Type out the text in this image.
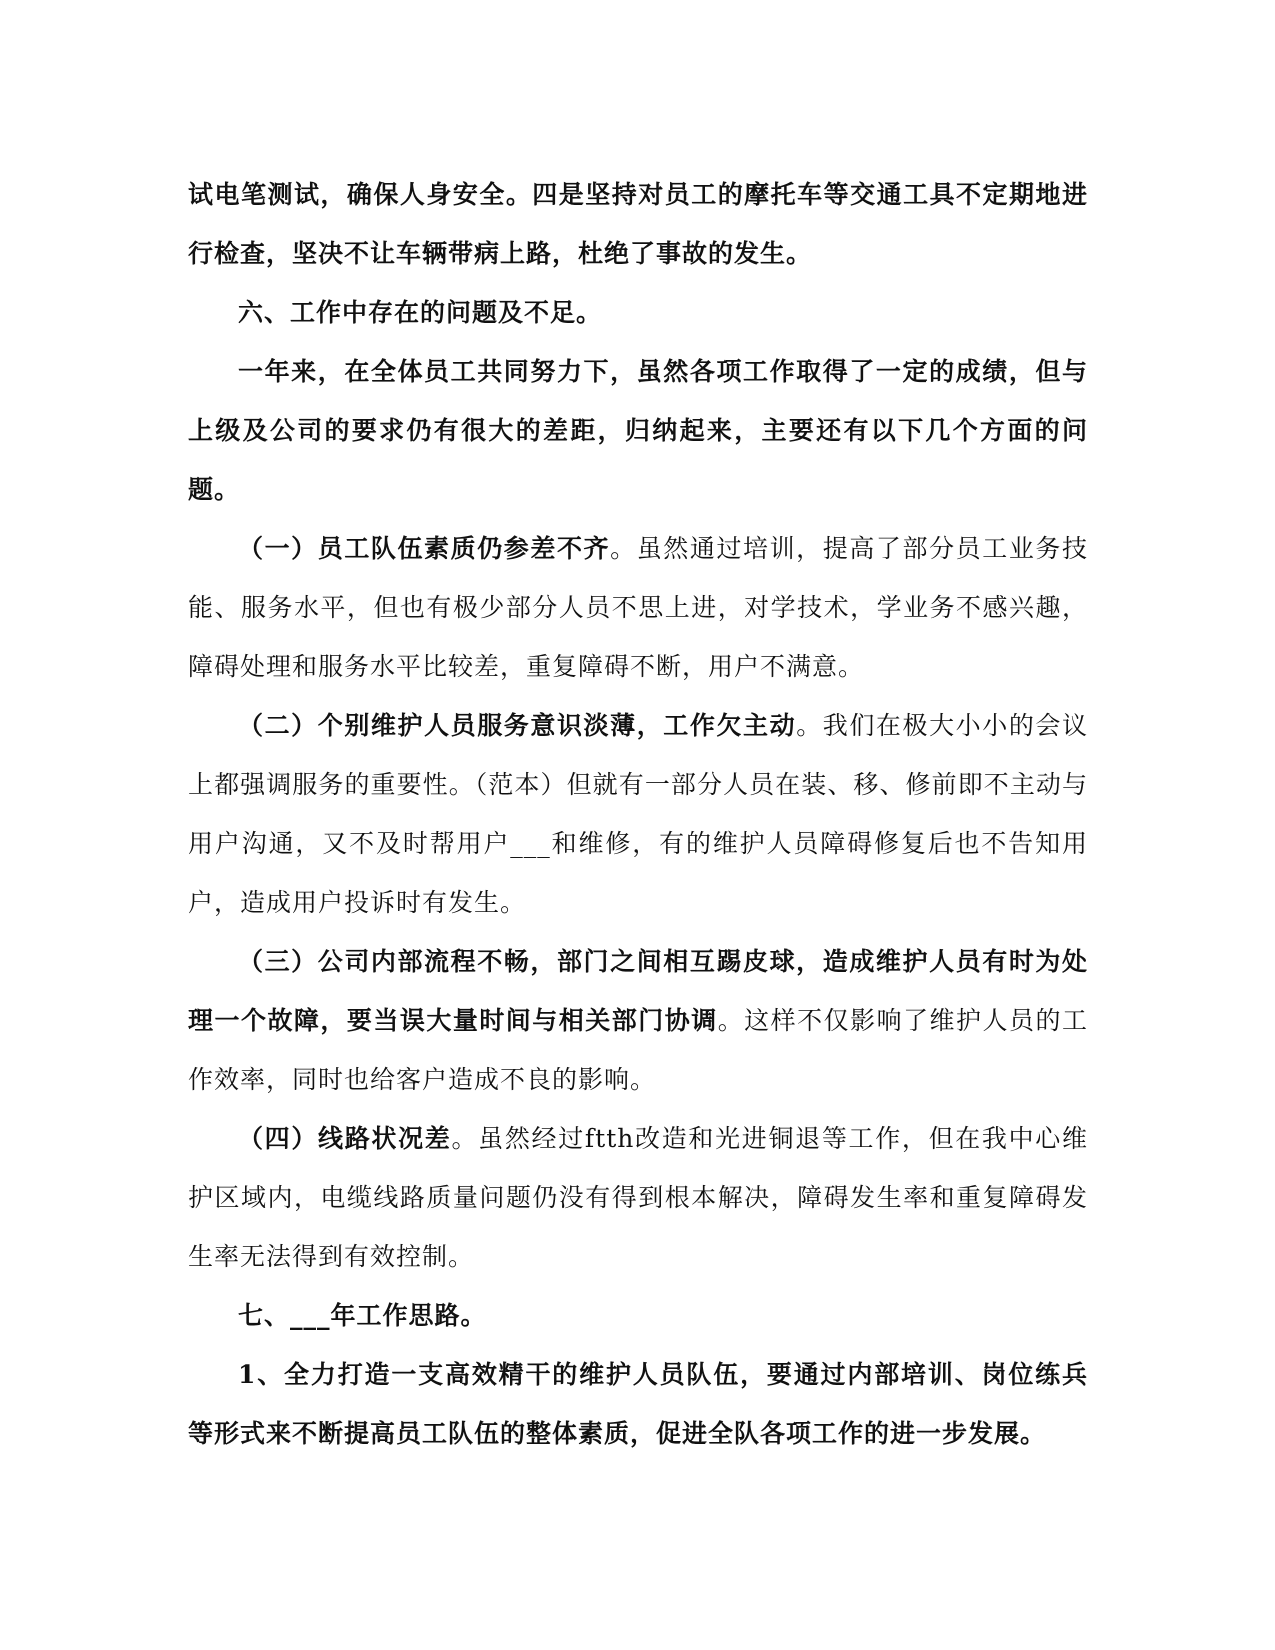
试电笔测试，确保人身安全。四是坚持对员工的摩托车等交通工具不定期地进行检查，坚决不让车辆带病上路，杜绝了事故的发生。

六、工作中存在的问题及不足。

一年来，在全体员工共同努力下，虽然各项工作取得了一定的成绩，但与上级及公司的要求仍有很大的差距，归纳起来，主要还有以下几个方面的问题。

（一）员工队伍素质仍参差不齐。虽然通过培训，提高了部分员工业务技能、服务水平，但也有极少部分人员不思上进，对学技术，学业务不感兴趣，障碍处理和服务水平比较差，重复障碍不断，用户不满意。

（二）个别维护人员服务意识淡薄，工作欠主动。我们在极大小小的会议上都强调服务的重要性。（范本）但就有一部分人员在装、移、修前即不主动与用户沟通，又不及时帮用户___和维修，有的维护人员障碍修复后也不告知用户，造成用户投诉时有发生。

（三）公司内部流程不畅，部门之间相互踢皮球，造成维护人员有时为处理一个故障，要当误大量时间与相关部门协调。这样不仅影响了维护人员的工作效率，同时也给客户造成不良的影响。

（四）线路状况差。虽然经过ftth改造和光进铜退等工作，但在我中心维护区域内，电缆线路质量问题仍没有得到根本解决，障碍发生率和重复障碍发生率无法得到有效控制。

七、___年工作思路。

1、全力打造一支高效精干的维护人员队伍，要通过内部培训、岗位练兵等形式来不断提高员工队伍的整体素质，促进全队各项工作的进一步发展。
